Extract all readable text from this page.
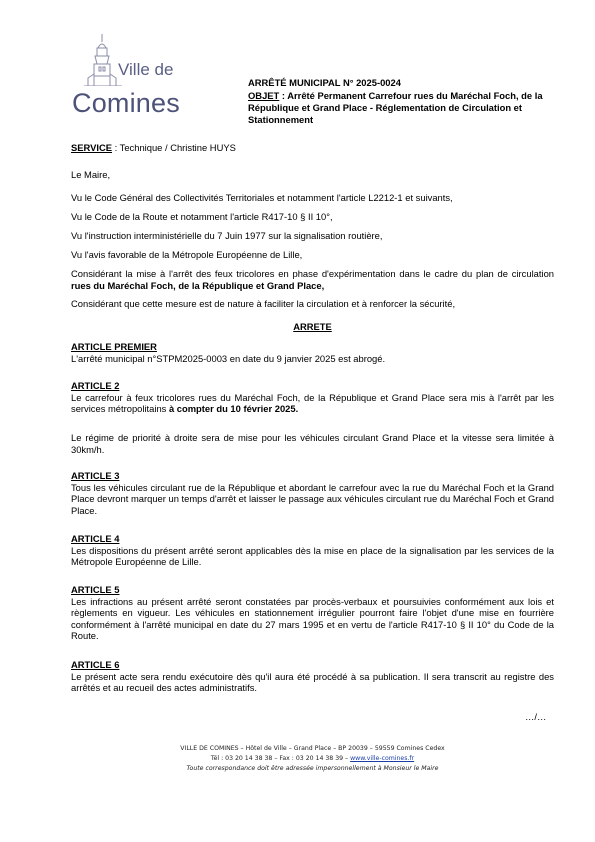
Ville de
Comines
ARRÊTÉ MUNICIPAL N° 2025-0024
OBJET : Arrêté Permanent Carrefour rues du Maréchal Foch, de la République et Grand Place - Réglementation de Circulation et Stationnement
SERVICE : Technique / Christine HUYS
Le Maire,
Vu le Code Général des Collectivités Territoriales et notamment l'article L2212-1 et suivants,
Vu le Code de la Route et notamment l'article R417-10 § II 10°,
Vu l'instruction interministérielle du 7 Juin 1977 sur la signalisation routière,
Vu l'avis favorable de la Métropole Européenne de Lille,
Considérant la mise à l'arrêt des feux tricolores en phase d'expérimentation dans le cadre du plan de circulation rues du Maréchal Foch, de la République et Grand Place,
Considérant que cette mesure est de nature à faciliter la circulation et à renforcer la sécurité,
ARRETE
ARTICLE PREMIER
L'arrêté municipal n°STPM2025-0003 en date du 9 janvier 2025 est abrogé.
ARTICLE 2
Le carrefour à feux tricolores rues du Maréchal Foch, de la République et Grand Place sera mis à l'arrêt par les services métropolitains à compter du 10 février 2025.
Le régime de priorité à droite sera de mise pour les véhicules circulant Grand Place et la vitesse sera limitée à 30km/h.
ARTICLE 3
Tous les véhicules circulant rue de la République et abordant le carrefour avec la rue du Maréchal Foch et la Grand Place devront marquer un temps d'arrêt et laisser le passage aux véhicules circulant rue du Maréchal Foch et Grand Place.
ARTICLE 4
Les dispositions du présent arrêté seront applicables dès la mise en place de la signalisation par les services de la Métropole Européenne de Lille.
ARTICLE 5
Les infractions au présent arrêté seront constatées par procès-verbaux et poursuivies conformément aux lois et règlements en vigueur. Les véhicules en stationnement irrégulier pourront faire l'objet d'une mise en fourrière conformément à l'arrêté municipal en date du 27 mars 1995 et en vertu de l'article R417-10 § II 10° du Code de la Route.
ARTICLE 6
Le présent acte sera rendu exécutoire dès qu'il aura été procédé à sa publication. Il sera transcrit au registre des arrêtés et au recueil des actes administratifs.
…/…
VILLE DE COMINES – Hôtel de Ville – Grand Place – BP 20039 – 59559 Comines Cedex
Tél : 03 20 14 38 38 – Fax : 03 20 14 38 39 – www.ville-comines.fr
Toute correspondance doit être adressée impersonnellement à Monsieur le Maire
